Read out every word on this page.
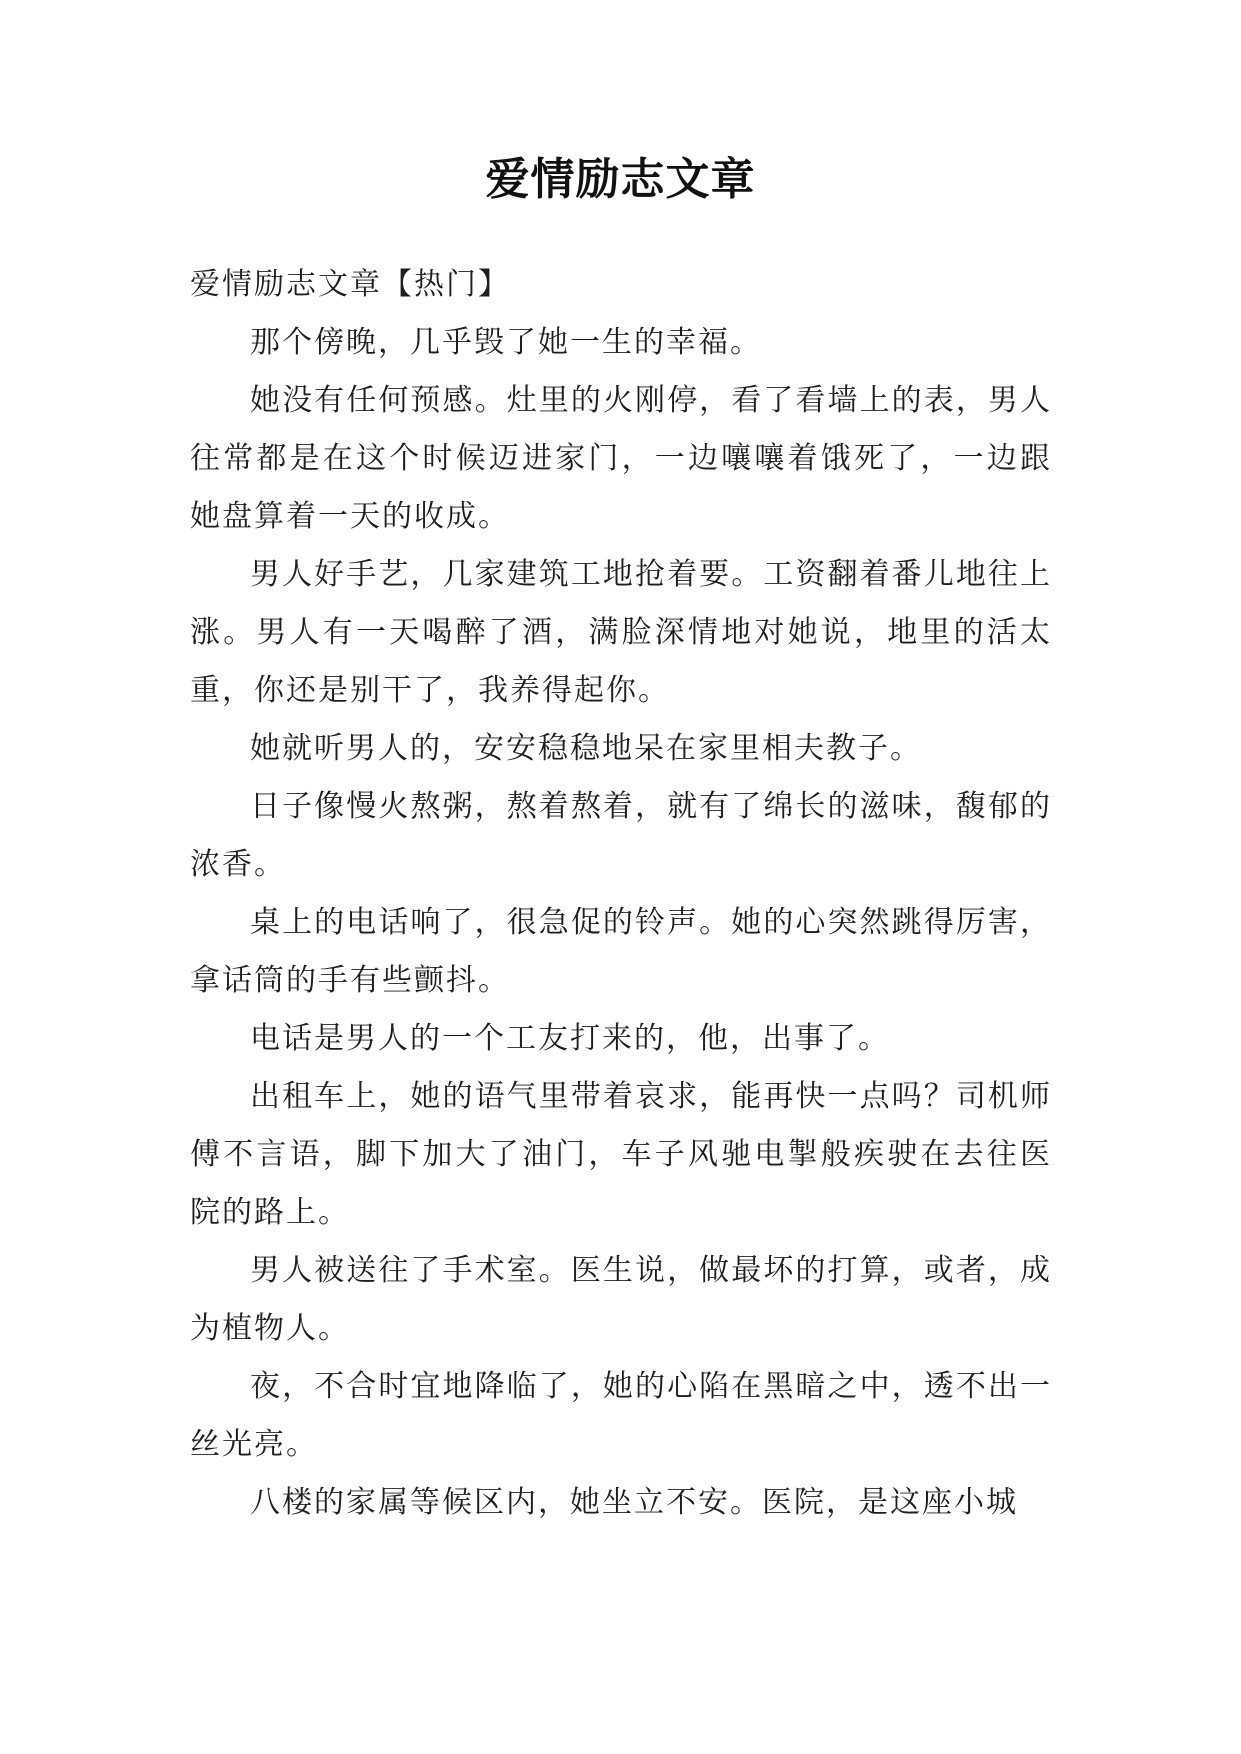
爱情励志文章

爱情励志文章【热门】

那个傍晚，几乎毁了她一生的幸福。

她没有任何预感。灶里的火刚停，看了看墙上的表，男人往常都是在这个时候迈进家门，一边嚷嚷着饿死了，一边跟她盘算着一天的收成。

男人好手艺，几家建筑工地抢着要。工资翻着番儿地往上涨。男人有一天喝醉了酒，满脸深情地对她说，地里的活太重，你还是别干了，我养得起你。

她就听男人的，安安稳稳地呆在家里相夫教子。

日子像慢火熬粥，熬着熬着，就有了绵长的滋味，馥郁的浓香。

桌上的电话响了，很急促的铃声。她的心突然跳得厉害，拿话筒的手有些颤抖。

电话是男人的一个工友打来的，他，出事了。

出租车上，她的语气里带着哀求，能再快一点吗？司机师傅不言语，脚下加大了油门，车子风驰电掣般疾驶在去往医院的路上。

男人被送往了手术室。医生说，做最坏的打算，或者，成为植物人。

夜，不合时宜地降临了，她的心陷在黑暗之中，透不出一丝光亮。

八楼的家属等候区内，她坐立不安。医院，是这座小城
